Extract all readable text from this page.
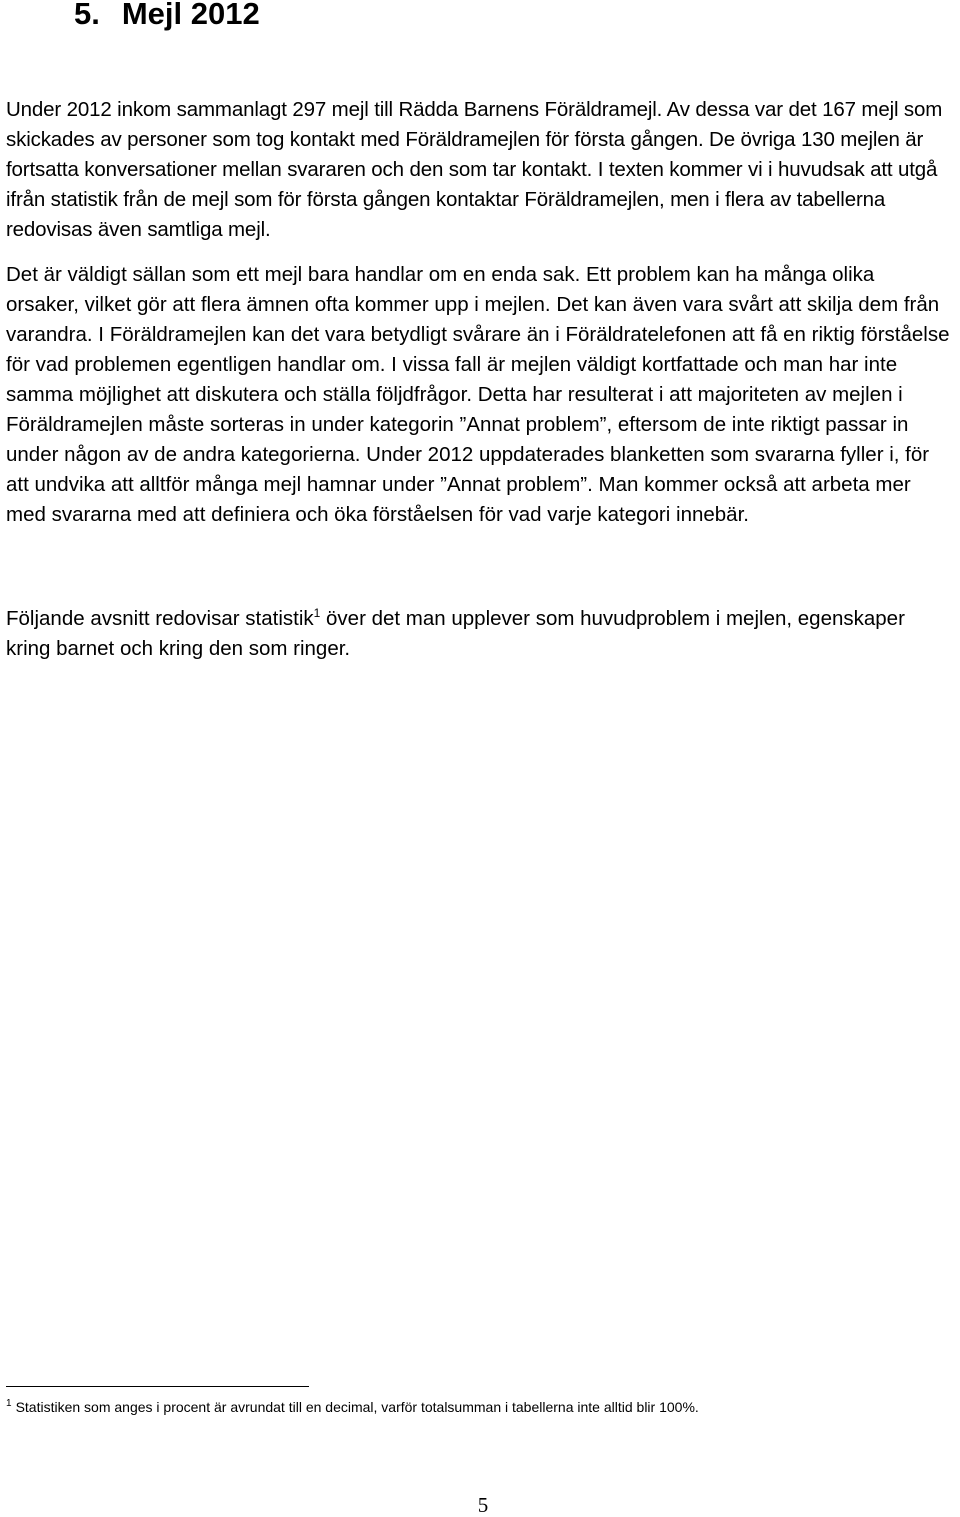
5. Mejl 2012

Under 2012 inkom sammanlagt 297 mejl till Rädda Barnens Föräldramejl. Av dessa var det 167 mejl som skickades av personer som tog kontakt med Föräldramejlen för första gången. De övriga 130 mejlen är fortsatta konversationer mellan svararen och den som tar kontakt. I texten kommer vi i huvudsak att utgå ifrån statistik från de mejl som för första gången kontaktar Föräldramejlen, men i flera av tabellerna redovisas även samtliga mejl.

Det är väldigt sällan som ett mejl bara handlar om en enda sak. Ett problem kan ha många olika orsaker, vilket gör att flera ämnen ofta kommer upp i mejlen. Det kan även vara svårt att skilja dem från varandra. I Föräldramejlen kan det vara betydligt svårare än i Föräldratelefonen att få en riktig förståelse för vad problemen egentligen handlar om. I vissa fall är mejlen väldigt kortfattade och man har inte samma möjlighet att diskutera och ställa följdfrågor. Detta har resulterat i att majoriteten av mejlen i Föräldramejlen måste sorteras in under kategorin ”Annat problem”, eftersom de inte riktigt passar in under någon av de andra kategorierna. Under 2012 uppdaterades blanketten som svararna fyller i, för att undvika att alltför många mejl hamnar under ”Annat problem”. Man kommer också att arbeta mer med svararna med att definiera och öka förståelsen för vad varje kategori innebär.

Följande avsnitt redovisar statistik$^1$ över det man upplever som huvudproblem i mejlen, egenskaper kring barnet och kring den som ringer.

$^1$ Statistiken som anges i procent är avrundat till en decimal, varför totalsumman i tabellerna inte alltid blir 100%.
5
